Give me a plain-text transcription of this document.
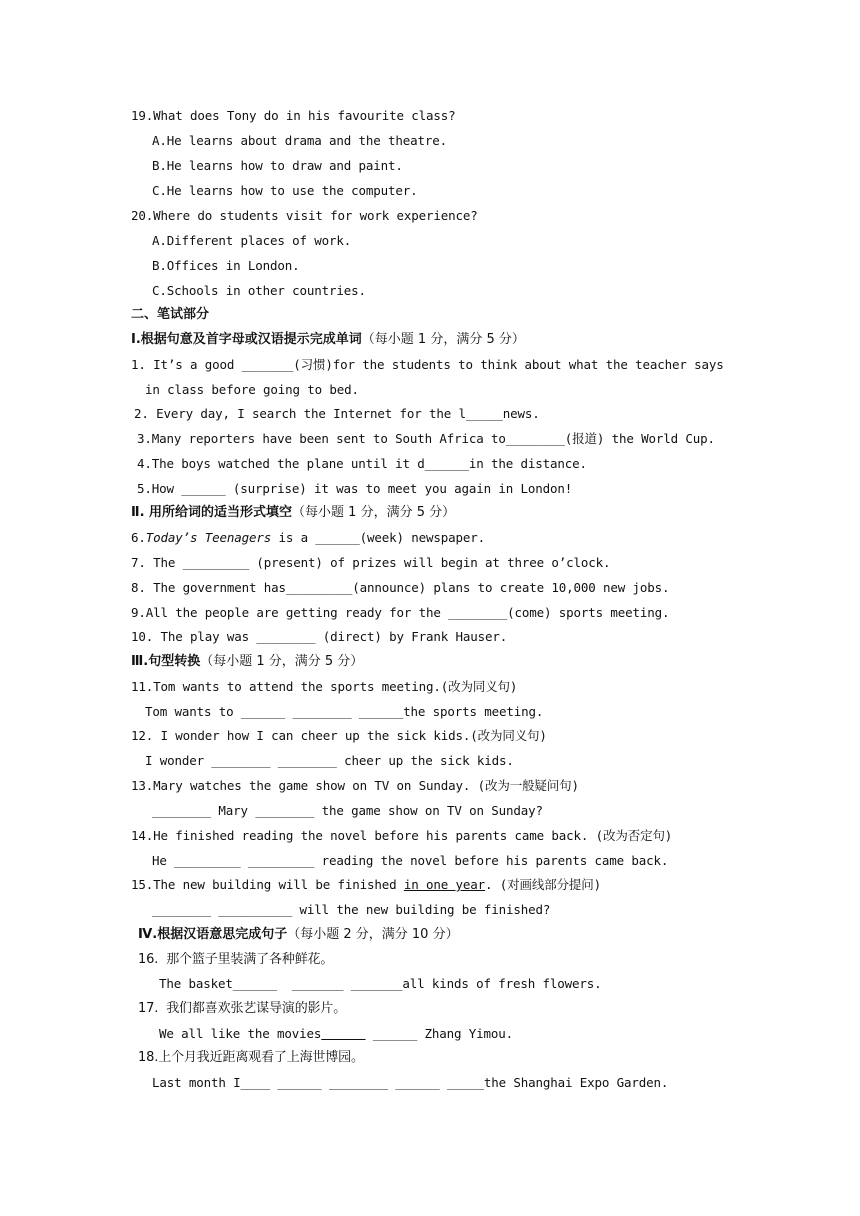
19.What does Tony do in his favourite class?
A.He learns about drama and the theatre.
B.He learns how to draw and paint.
C.He learns how to use the computer.
20.Where do students visit for work experience?
A.Different places of work.
B.Offices in London.
C.Schools in other countries.
二、笔试部分
I.根据句意及首字母或汉语提示完成单词（每小题 1 分，满分 5 分）
1. It’s a good _______(习惯)for the students to think about what the teacher says
in class before going to bed.
2. Every day, I search the Internet for the l_____news.
3.Many reporters have been sent to South Africa to________(报道) the World Cup.
4.The boys watched the plane until it d______in the distance.
5.How ______ (surprise) it was to meet you again in London!
Ⅱ. 用所给词的适当形式填空（每小题 1 分，满分 5 分）
6.Today’s Teenagers is a ______(week) newspaper.
7. The _________ (present) of prizes will begin at three o’clock.
8. The government has_________(announce) plans to create 10,000 new jobs.
9.All the people are getting ready for the ________(come) sports meeting.
10. The play was ________ (direct) by Frank Hauser.
Ⅲ.句型转换（每小题 1 分，满分 5 分）
11.Tom wants to attend the sports meeting.(改为同义句)
Tom wants to ______ ________ ______the sports meeting.
12. I wonder how I can cheer up the sick kids.(改为同义句)
I wonder ________ ________ cheer up the sick kids.
13.Mary watches the game show on TV on Sunday. (改为一般疑问句)
________ Mary ________ the game show on TV on Sunday?
14.He finished reading the novel before his parents came back. (改为否定句)
He _________ _________ reading the novel before his parents came back.
15.The new building will be finished in one year. (对画线部分提问)
________ __________ will the new building be finished?
Ⅳ.根据汉语意思完成句子（每小题 2 分，满分 10 分）
16.  那个篮子里装满了各种鲜花。
The basket______  _______ _______all kinds of fresh flowers.
17.  我们都喜欢张艺谋导演的影片。
We all like the movies	______ Zhang Yimou.
18.上个月我近距离观看了上海世博园。
Last month I____ ______ ________ ______ _____the Shanghai Expo Garden.
